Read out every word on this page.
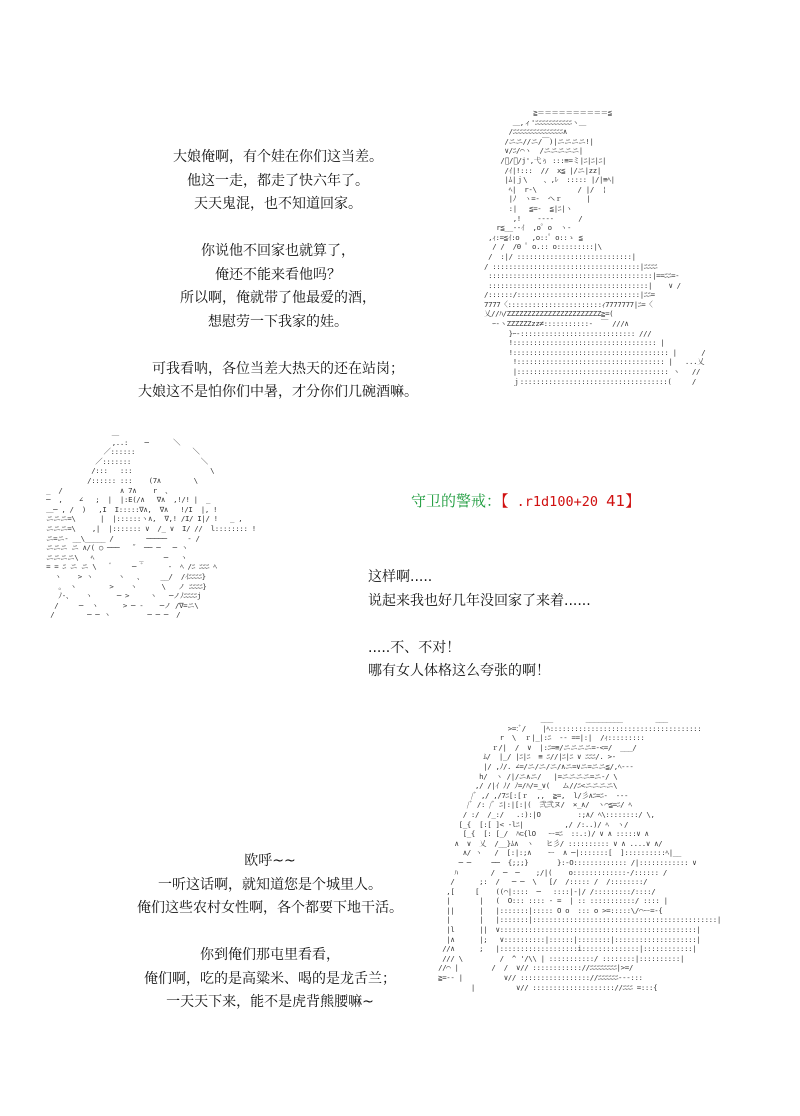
大娘俺啊，有个娃在你们这当差。
他这一走，都走了快六年了。
天天鬼混，也不知道回家。
你说他不回家也就算了，
俺还不能来看他吗？
所以啊，俺就带了他最爱的酒，
想慰劳一下我家的娃。
可我看呐，各位当差大热天的还在站岗；
大娘这不是怕你们中暑，才分你们几碗酒嘛。
≧＝＝＝＝＝＝＝＝＝＝≦
＿,ィ'ﾆﾆﾆﾆﾆﾆﾆﾆﾆﾆﾆヽ＿
/ﾆﾆﾆﾆﾆﾆﾆﾆﾆﾆﾆﾆﾆﾆﾆ∧
/ニニ//ニ/￣)|ニニニニ!|
∨/ﾆ/⌒ヽ  /ニニニニニ|
/ﾞ/ﾞ/j',弋ぅ :::≡=ミ|ﾆ|ﾆ|ﾆ|
/ｲ|!:::  //  x≦ |/ニ|zz|
|ﾑ|ｊ\    、,ﾚ  ::::: |/|≡ﾍ|
ﾍ|  r-\          / |/  ¦
|ﾉ  ヽ=-  ヘｒ      |
:|   ≦=-  ≦|ﾆ|ヽ
,!    ----      /
r≦__--ｲ  ,o゜o  ヽ-
,ｨ:=≦ｲ:o   ,o::゜o::ゝ ≦
/ /  /0 ゜o.:: o:::::::::|\
/  :|/ ::::::::::::::::::::::::::::|
/ ::::::::::::::::::::::::::::::::::::|ﾆﾆﾆﾆ
::::::::::::::::::::::::::::::::::::::::|==ﾆﾆ=-
:::::::::::::::::::::::::::::::::::::::|    ∨ /
/::::::/::::::::::::::::::::::::::::::|ﾆﾆ=
7777〈:::::::::::::::::::::::ｨ7777777|ﾆ=〈
乂//ﾊ/ZZZZZZZZZZZZZZZZZZZZZZZ≧=(
ｰ-ヽZZZZZZzz≠:::::::::::-  ￣ ///∧
}ｰ-:::::::::::::::::::::::::::: ///
!::::::::::::::::::::::::::::::::::: |
!:::::::::::::::::::::::::::::::::::::: |      /
!:::::::::::::::::::::::::::::::::::: |   ...乂
|::::::::::::::::::::::::::::::::::::: ヽ   //
ｊ::::::::::::::::::::::::::::::::::::(     /
＿
,..:    ─      ＼
／::::::              ＼
／:::::::                 ＼
/:::   :::                   \
/:::::: :::    (7∧        \
_  /              ∧ 7∧    r  、
─  ,    ∠   ;  |  |:E(/∧   ∇∧  ,!/! |  _
＿─ , /  )   ,I  I:::::∇∧,  ∇∧   !/I  |, !
ニニニ=\      |  |::::::ヽ∧,  ∇,! /I/ I|/ !   _ ,
ニニニ=\    ,|  |::::::: ∨  /_ ∨  I/ //  l:::::::: !
ニ=ニ- __\_____ /        ─────     ‐ /
ニニニ ニ ∧/( ○ ───   ˝  ── ─   ─ ヽ
ニニニニ\   ﾍ           _     ─   ヽ
= = ﾆ ニ ニ \   ゛    ─ ゛     ‐  ﾍ /ﾆ ﾆﾆﾆ ﾍ
ヽ    > ヽ      ヽ   、    __/  /ｲﾆﾆﾆﾆ}
。 ヽ        >    ヽ      \   ノ ﾆﾆﾆﾆ}
ﾉ-、   ヽ      ─ >     ヽ   ─ノﾉﾆﾆﾆﾆj
/     ─  ヽ      > ─ -    ─ノ /∇=ニ\
/        ─ ─ ヽ         ─ ─ ─  /
守卫的警戒：【 .r1d100+20 41】
这样啊.....
说起来我也好几年没回家了来着......
.....不、不对！
哪有女人体格这么夸张的啊！
欧呼~~
一听这话啊，就知道您是个城里人。
俺们这些农村女性啊，各个都要下地干活。
你到俺们那屯里看看，
俺们啊，吃的是高粱米、喝的是龙舌兰；
一天天下来，能不是虎背熊腰嘛~
___        _________        ___
>=:ﾞ/    |ﾍ:::::::::::::::::::::::::::::::::::::
r  \  ｒ|_|:ﾆ  -- ==|:|  /ｨ:::::::::
ｒ/|  /  ∨  |:ﾆ=≡/ニニニニ=-<=/  ___/
ﾑ/  |_/ |ﾆ|ﾆ  ≡ ﾆ//|ﾆ|ﾆ ∨ ﾆﾆﾆ/. >-
|/ ,ﾉ/. ∠=/ニ/ニ/ニ/∧ニ=∨ニ=ニニ≦/,ﾍ---
h/  ヽ /|/ニ∧ニ/   |=ニニニニ=ニ-/ \
,/ /|ｲ ﾉ/ ﾉ=/ﾊ/=_∨(   ム//ﾆ<ニニニニ\
/ﾞ ,/ ,/7ﾆ[:[ｒ  ,,  ≧=,  l/彡∧ﾆ=ﾆ-  ---
/ﾞ /: /ﾞ ﾆ|:|[:|(  弐弐ヌ/  ×_∧/  ヽ⌒≦=ﾆ/ ﾍ
/ :/  /_:/   .:):|O         :;∧/ ﾍ\::::::::/ \,
[_{  [:[ ]< -lﾆ|          ,/ /:..)/ ﾍ  ヽ/
[_{  [: [_/  ﾊ⊂{lO   ー=ﾆ  ::.:)/ ∨ ∧ :::::∨ ∧
∧  ∨  乂  /__}ﾑ∧  ヽ   ヒ彡/ :::::::::: ∨ ∧ ....∨ ∧/
∧/ ヽ   /  [:|:;∧    ー  ∧ ─|:::::::[  ]::::::::::ﾍ|__
─ ─     ──  {;;;}       }:-O::::::::::::: /|:::::::::::: ∨
ﾊ        /  ─  ─    ;/|(    o:::::::::::::-/:::::: /
/      ;:  /   ─ ─  \   [/  /::::: /  /::::::::/
,[     [    ((⌒|::::  ─   ::::|-|/ /:::::::::/::::/
|       |   (  O::: :::: - =  | :: :::::::::::/ :::: |
||      |   |:::::::|::::: O o  ::: o >=:::::\/⌒ー=-{
|       |   |:::::::|:::::::::::::::::::::::::::::::::::::::::::::|
|l      ||  ∨::::::::::::::::::::::::::::::::::::::::::::::::|
|∧      |;   ∨::::::::::|::::::|::::::::|::::::::::::::::::::|
//∧      ;   |:::::::::::::::::::i::::::::::::::|::::::::::::|
/// \         /  ^ '/\\ | :::::::::::/ ::::::::|::::::::::|
//⌒ |        /  /  ∨// :::::::::::://ﾆﾆﾆﾆﾆﾆﾆﾆ|>=/
≧=-- |          ∨// ::::::::::::::::://ﾆﾆﾆﾆﾆﾆ---:::
|          ∨// :::::::::::::::::::://ﾆﾆﾆ =:::{
